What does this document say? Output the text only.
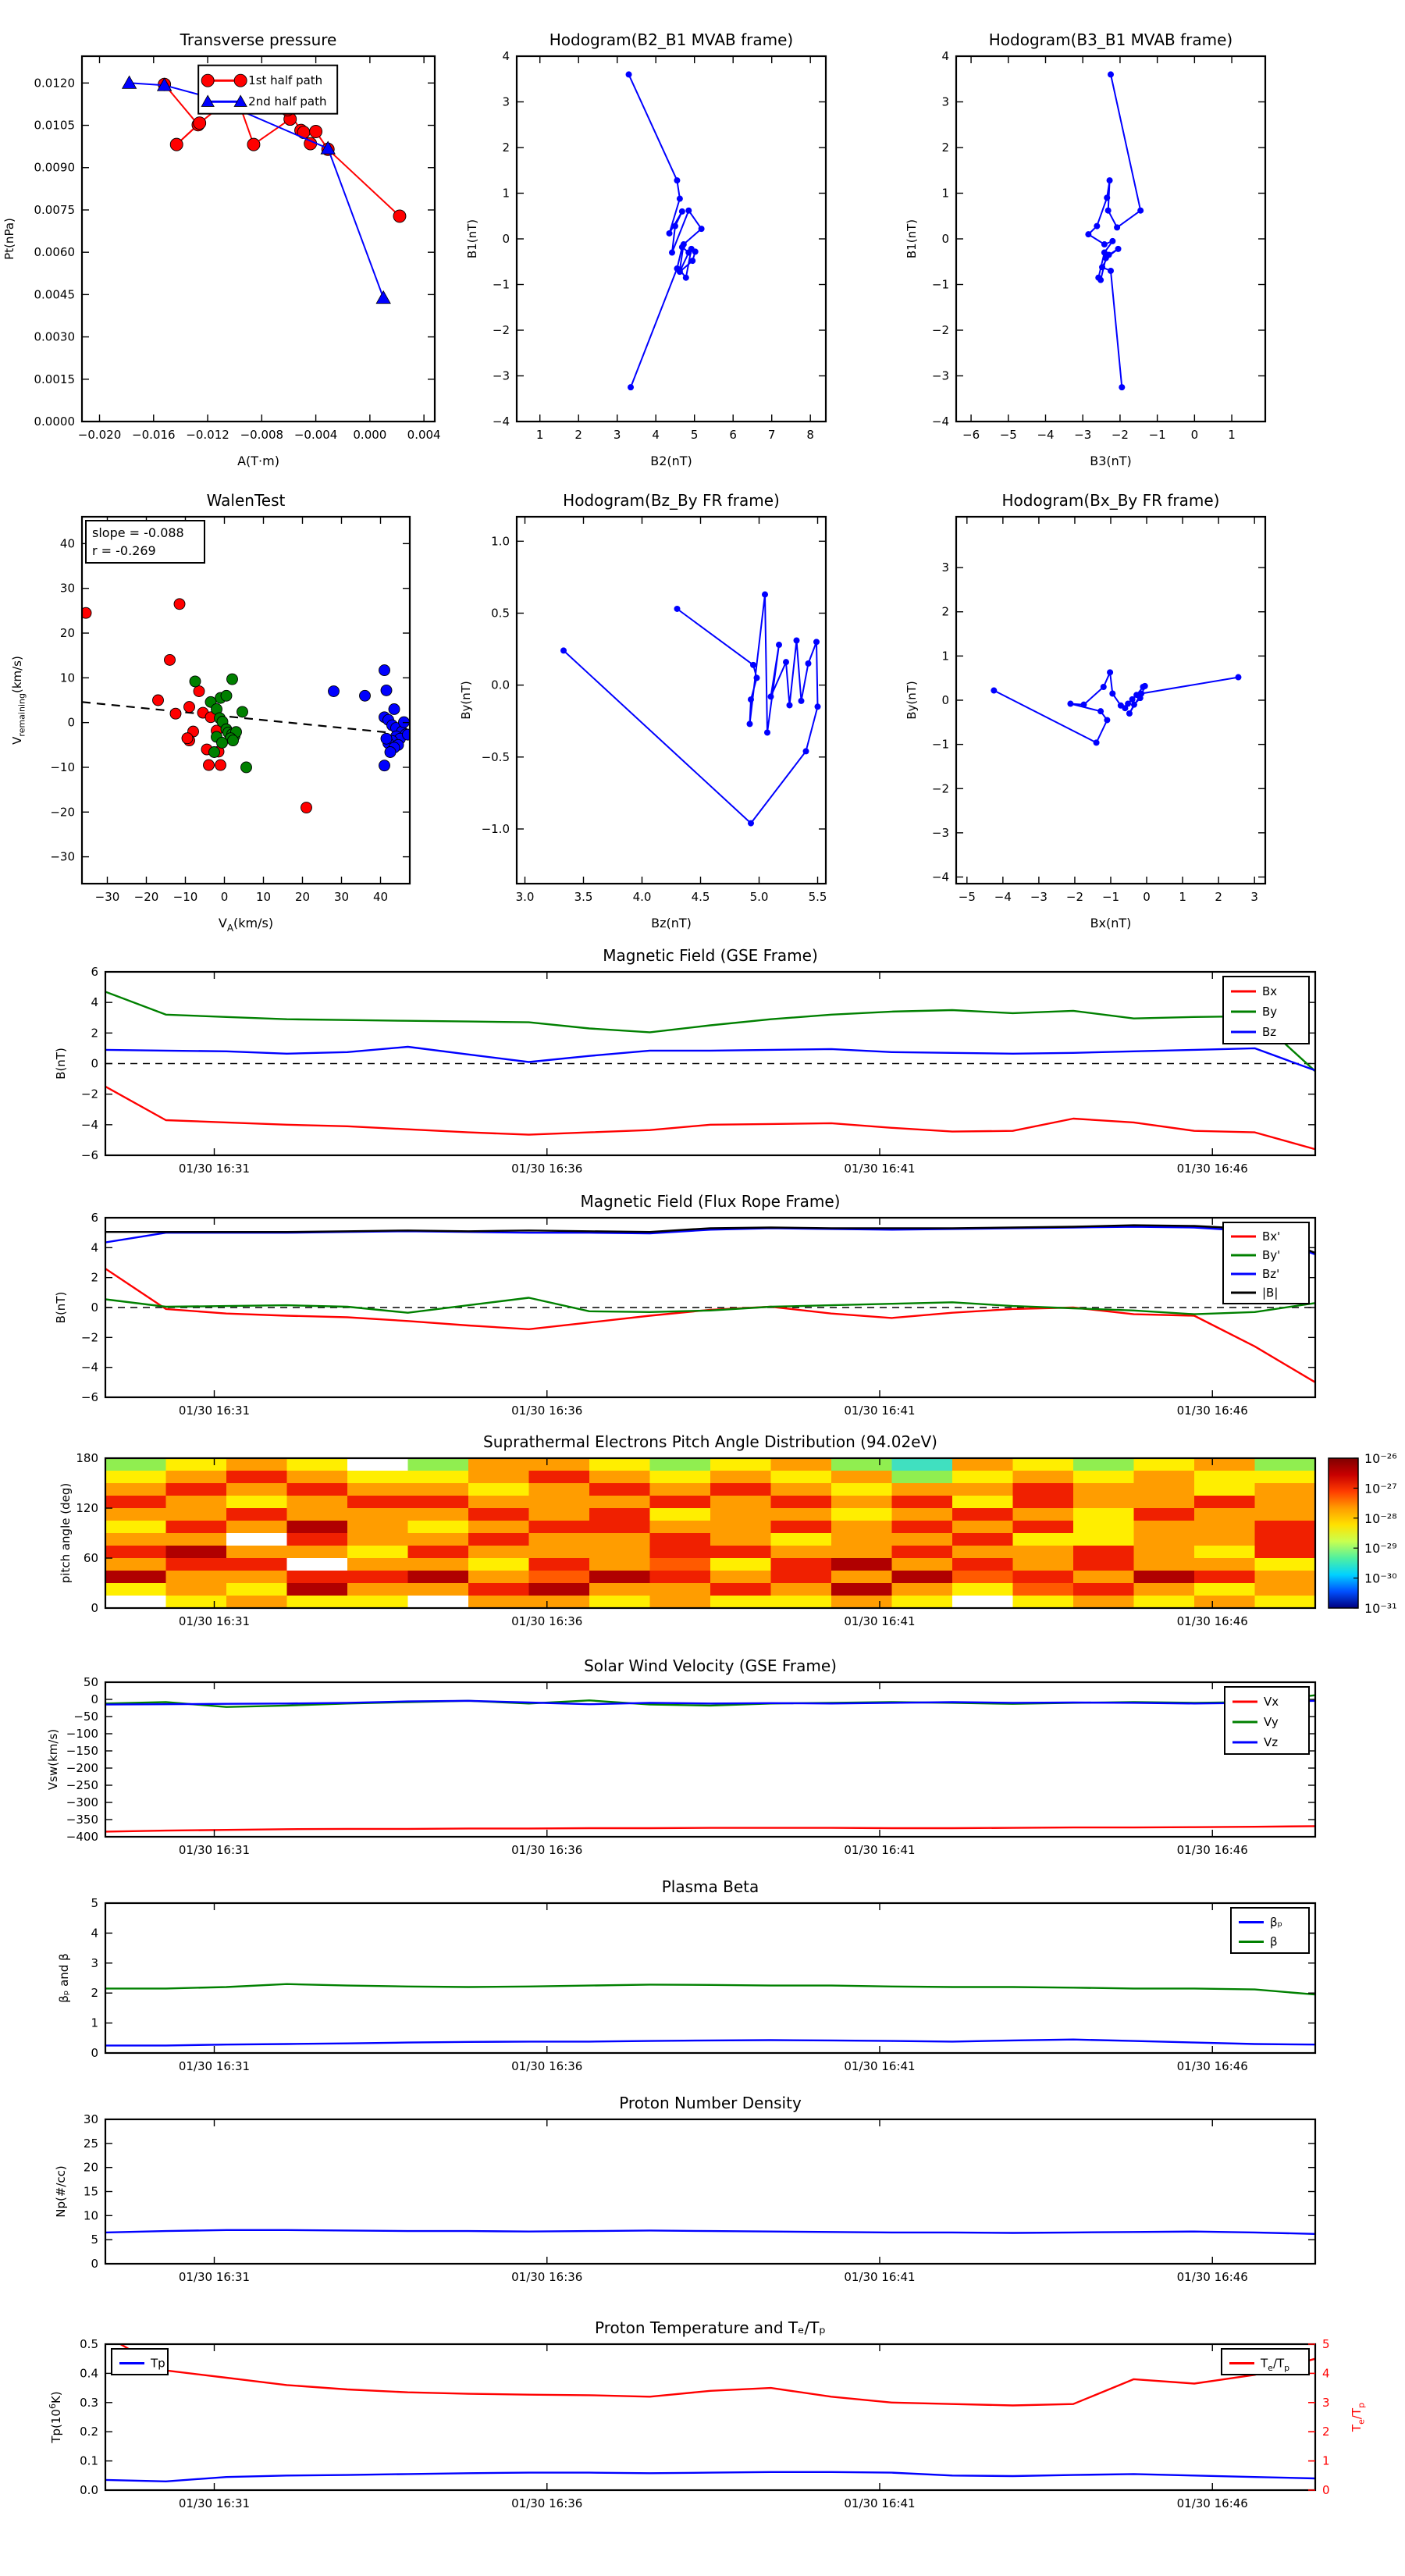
−0.020 −0.016 −0.012 −0.008 −0.004 0.000 0.004
0.0000
0.0015
0.0030
0.0045
0.0060
0.0075
0.0090
0.0105
0.0120
Pt(nPa)
A(T·m)
1st half path
2nd half path
1	2	3	4	5	6	7	8
−4
−3
−2
−1
0
1
2
3
4
B1(nT)
B2(nT)
−6 −5 −4 −3 −2 −1 0	1
−4
−3
−2
−1
0
1
2
3
4
B1(nT)
B3(nT)
−30 −20 −10 0 10 20 30 40
−30
−20
−10
0
10
20
30
40
$V_{remaining}(km/s)$
$V_A(km/s)$
slope = -0.088
r = -0.269
3.0	3.5	4.0	4.5	5.0	5.5
−1.0
−0.5
0.0
0.5
1.0
By(nT)
Bz(nT)
−5 −4 −3 −2 −1 0 1 2 3
−4
−3
−2
−1
0
1
2
3
By(nT)
Bx(nT)
01/30 16:31	01/30 16:36	01/30 16:41	01/30 16:46
−6
−4
−2
0
2
4
6
B(nT)
Bx
By
Bz
01/30 16:31	01/30 16:36	01/30 16:41	01/30 16:46
−6
−4
−2
0
2
4
6
B(nT)
Bx'
By'
Bz'
|B|
01/30 16:31	01/30 16:36	01/30 16:41	01/30 16:46
0
60
120
180
pitch angle (deg)
10⁻²⁶
10⁻²⁷
10⁻²⁸
10⁻²⁹
10⁻³⁰
10⁻³¹
01/30 16:31	01/30 16:36	01/30 16:41	01/30 16:46
50
0
−50
−100
−150
−200
−250
−300
−350
−400
Vsw(km/s)
Vx
Vy
Vz
01/30 16:31	01/30 16:36	01/30 16:41	01/30 16:46
0
1
2
3
4
5
βₚ and β
βₚ
β
01/30 16:31	01/30 16:36	01/30 16:41	01/30 16:46
0
5
10
15
20
25
30
Np(#/cc)
01/30 16:31	01/30 16:36	01/30 16:41	01/30 16:46
0.0
0.1
0.2
0.3
0.4
0.5
0
1
2
3
4
5
$Tp(10^6K)$
$T_e/T_p$
Tp	$T_e/T_p$
Transverse pressure	Hodogram(B2_B1 MVAB frame)	Hodogram(B3_B1 MVAB frame)
WalenTest	Hodogram(Bz_By FR frame)	Hodogram(Bx_By FR frame)
Magnetic Field (GSE Frame)
Magnetic Field (Flux Rope Frame)
Suprathermal Electrons Pitch Angle Distribution (94.02eV)
Solar Wind Velocity (GSE Frame)
Plasma Beta
Proton Number Density
Proton Temperature and Tₑ/Tₚ
